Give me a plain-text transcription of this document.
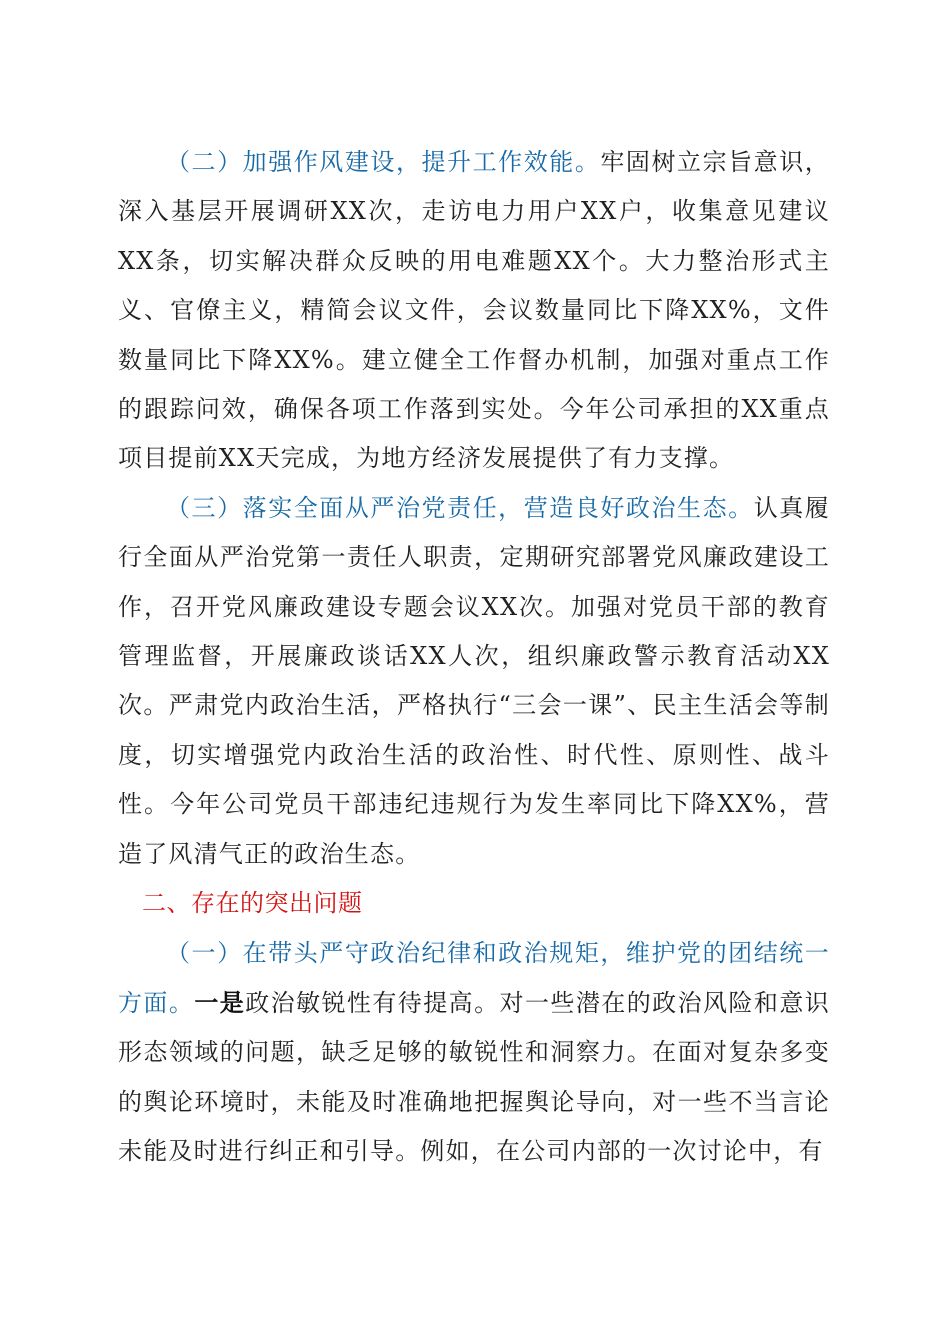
（二）加强作风建设，提升工作效能。牢固树立宗旨意识，深入基层开展调研XX次，走访电力用户XX户，收集意见建议XX条，切实解决群众反映的用电难题XX个。大力整治形式主义、官僚主义，精简会议文件，会议数量同比下降XX%，文件数量同比下降XX%。建立健全工作督办机制，加强对重点工作的跟踪问效，确保各项工作落到实处。今年公司承担的XX重点项目提前XX天完成，为地方经济发展提供了有力支撑。

（三）落实全面从严治党责任，营造良好政治生态。认真履行全面从严治党第一责任人职责，定期研究部署党风廉政建设工作，召开党风廉政建设专题会议XX次。加强对党员干部的教育管理监督，开展廉政谈话XX人次，组织廉政警示教育活动XX次。严肃党内政治生活，严格执行“三会一课”、民主生活会等制度，切实增强党内政治生活的政治性、时代性、原则性、战斗性。今年公司党员干部违纪违规行为发生率同比下降XX%，营造了风清气正的政治生态。

二、存在的突出问题

（一）在带头严守政治纪律和政治规矩，维护党的团结统一方面。一是政治敏锐性有待提高。对一些潜在的政治风险和意识形态领域的问题，缺乏足够的敏锐性和洞察力。在面对复杂多变的舆论环境时，未能及时准确地把握舆论导向，对一些不当言论未能及时进行纠正和引导。例如，在公司内部的一次讨论中，有
